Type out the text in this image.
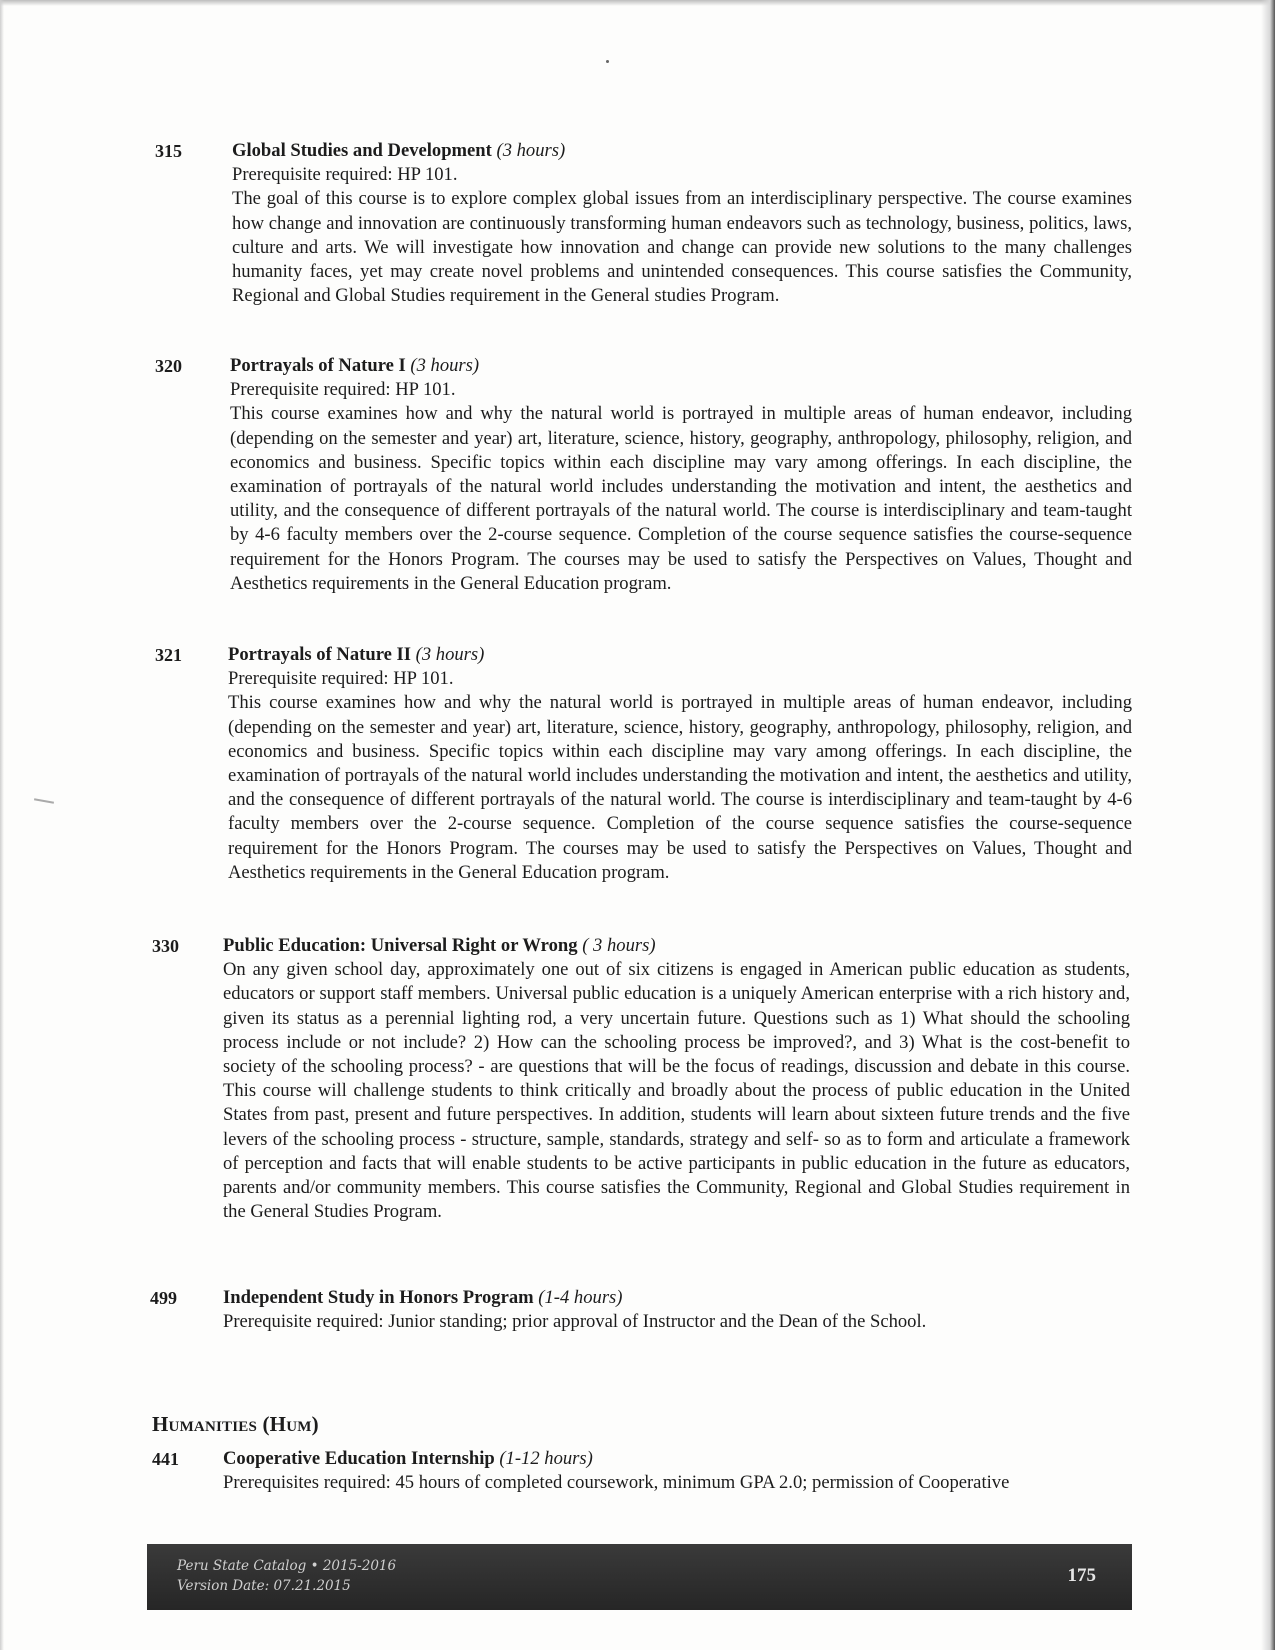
315	Global Studies and Development (3 hours)
Prerequisite required: HP 101.

The goal of this course is to explore complex global issues from an interdisciplinary perspective. The course examines how change and innovation are continuously transforming human endeavors such as technology, business, politics, laws, culture and arts. We will investigate how innovation and change can provide new solutions to the many challenges humanity faces, yet may create novel problems and unintended consequences. This course satisfies the Community, Regional and Global Studies requirement in the General studies Program.

320	Portrayals of Nature I (3 hours)
Prerequisite required: HP 101.

This course examines how and why the natural world is portrayed in multiple areas of human endeavor, including (depending on the semester and year) art, literature, science, history, geography, anthropology, philosophy, religion, and economics and business. Specific topics within each discipline may vary among offerings. In each discipline, the examination of portrayals of the natural world includes understanding the motivation and intent, the aesthetics and utility, and the consequence of different portrayals of the natural world. The course is interdisciplinary and team-taught by 4-6 faculty members over the 2-course sequence. Completion of the course sequence satisfies the course-sequence requirement for the Honors Program. The courses may be used to satisfy the Perspectives on Values, Thought and Aesthetics requirements in the General Education program.

321 Portrayals of Nature II (3 hours)
Prerequisite required: HP 101.

This course examines how and why the natural world is portrayed in multiple areas of human endeavor, including (depending on the semester and year) art, literature, science, history, geography, anthropology, philosophy, religion, and economics and business. Specific topics within each discipline may vary among offerings. In each discipline, the examination of portrayals of the natural world includes understanding the motivation and intent, the aesthetics and utility, and the consequence of different portrayals of the natural world. The course is interdisciplinary and team-taught by 4-6 faculty members over the 2-course sequence. Completion of the course sequence satisfies the course-sequence requirement for the Honors Program. The courses may be used to satisfy the Perspectives on Values, Thought and Aesthetics requirements in the General Education program.

330 Public Education: Universal Right or Wrong ( 3 hours)

On any given school day, approximately one out of six citizens is engaged in American public education as students, educators or support staff members. Universal public education is a uniquely American enterprise with a rich history and, given its status as a perennial lighting rod, a very uncertain future. Questions such as 1) What should the schooling process include or not include? 2) How can the schooling process be improved?, and 3) What is the cost-benefit to society of the schooling process? - are questions that will be the focus of readings, discussion and debate in this course. This course will challenge students to think critically and broadly about the process of public education in the United States from past, present and future perspectives. In addition, students will learn about sixteen future trends and the five levers of the schooling process - structure, sample, standards, strategy and self- so as to form and articulate a framework of perception and facts that will enable students to be active participants in public education in the future as educators, parents and/or community members. This course satisfies the Community, Regional and Global Studies requirement in the General Studies Program.

499 Independent Study in Honors Program (1-4 hours)
Prerequisite required: Junior standing; prior approval of Instructor and the Dean of the School.
Humanities (Hum)
441 Cooperative Education Internship (1-12 hours)
Prerequisites required: 45 hours of completed coursework, minimum GPA 2.0; permission of Cooperative
Peru State Catalog • 2015-2016
Version Date: 07.21.2015	175
